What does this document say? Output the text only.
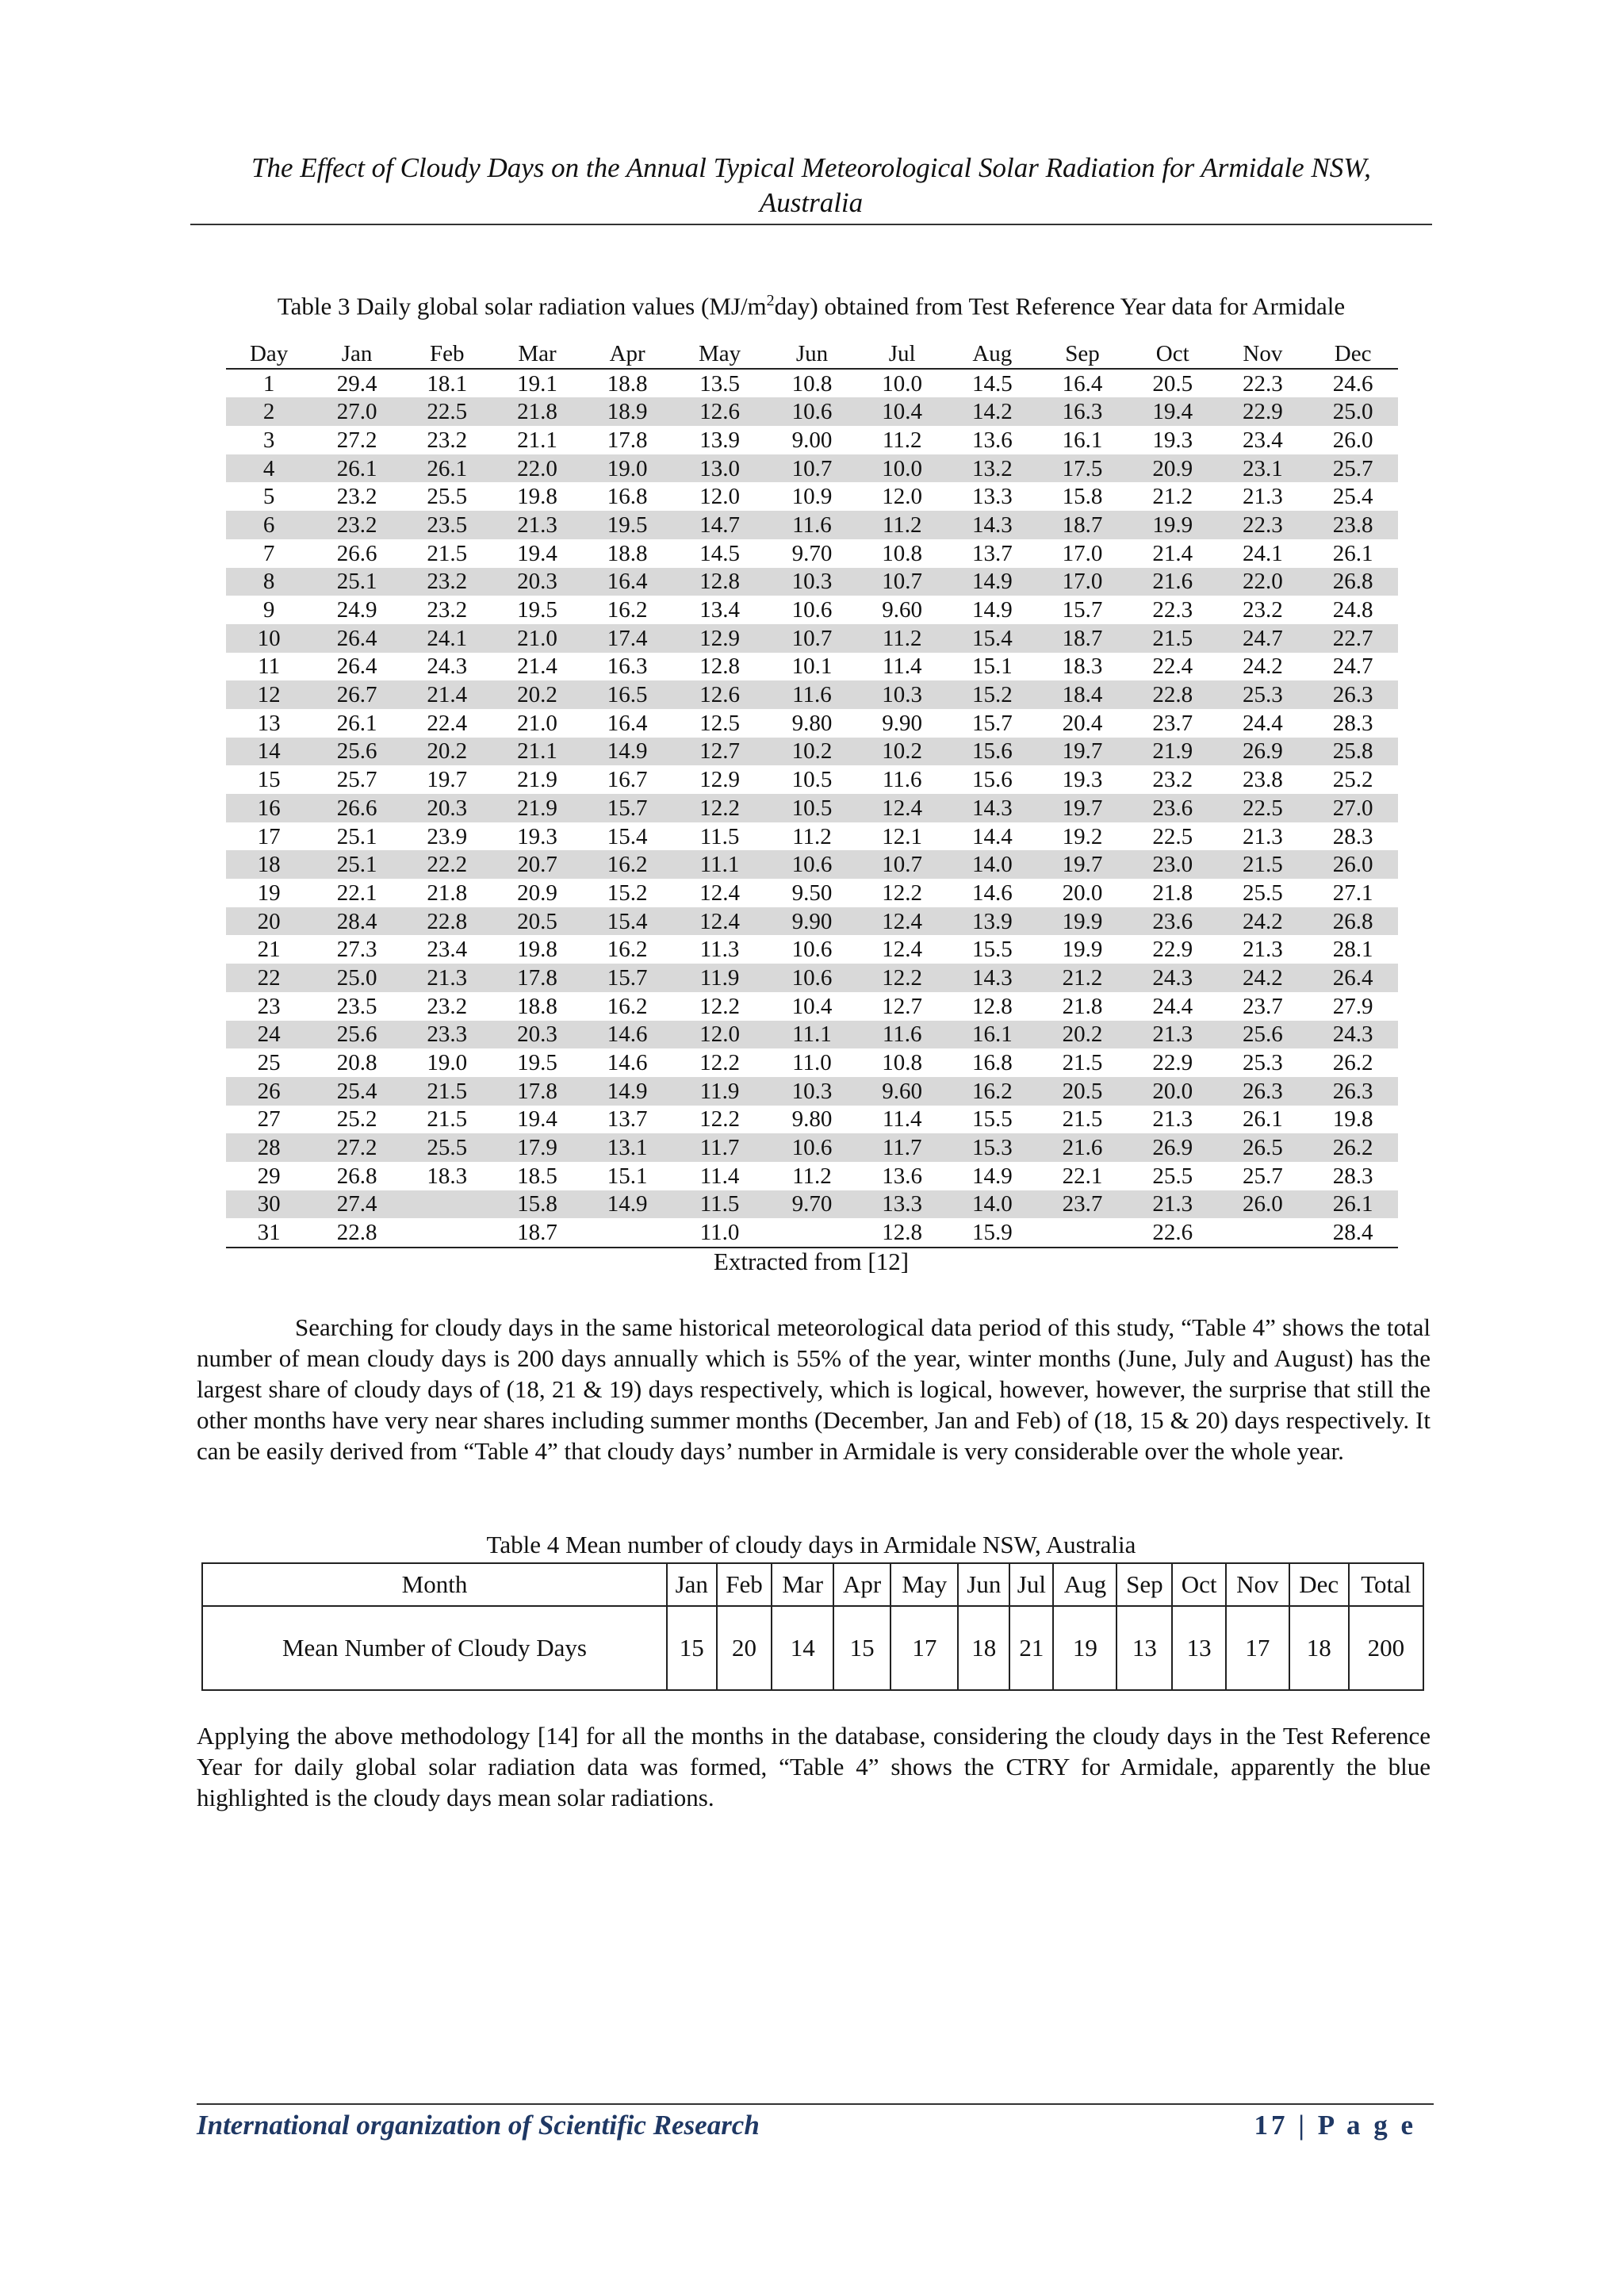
The Effect of Cloudy Days on the Annual Typical Meteorological Solar Radiation for Armidale NSW,
Australia
Table 3 Daily global solar radiation values $(MJ/m^2day)$ obtained from Test Reference Year data for Armidale
Day	Jan	Feb	Mar	Apr	May	Jun	Jul	Aug	Sep	Oct	Nov	Dec
1	29.4	18.1	19.1	18.8	13.5	10.8	10.0	14.5	16.4	20.5	22.3	24.6
2	27.0	22.5	21.8	18.9	12.6	10.6	10.4	14.2	16.3	19.4	22.9	25.0
3	27.2	23.2	21.1	17.8	13.9	9.00	11.2	13.6	16.1	19.3	23.4	26.0
4	26.1	26.1	22.0	19.0	13.0	10.7	10.0	13.2	17.5	20.9	23.1	25.7
5	23.2	25.5	19.8	16.8	12.0	10.9	12.0	13.3	15.8	21.2	21.3	25.4
6	23.2	23.5	21.3	19.5	14.7	11.6	11.2	14.3	18.7	19.9	22.3	23.8
7	26.6	21.5	19.4	18.8	14.5	9.70	10.8	13.7	17.0	21.4	24.1	26.1
8	25.1	23.2	20.3	16.4	12.8	10.3	10.7	14.9	17.0	21.6	22.0	26.8
9	24.9	23.2	19.5	16.2	13.4	10.6	9.60	14.9	15.7	22.3	23.2	24.8
10	26.4	24.1	21.0	17.4	12.9	10.7	11.2	15.4	18.7	21.5	24.7	22.7
11	26.4	24.3	21.4	16.3	12.8	10.1	11.4	15.1	18.3	22.4	24.2	24.7
12	26.7	21.4	20.2	16.5	12.6	11.6	10.3	15.2	18.4	22.8	25.3	26.3
13	26.1	22.4	21.0	16.4	12.5	9.80	9.90	15.7	20.4	23.7	24.4	28.3
14	25.6	20.2	21.1	14.9	12.7	10.2	10.2	15.6	19.7	21.9	26.9	25.8
15	25.7	19.7	21.9	16.7	12.9	10.5	11.6	15.6	19.3	23.2	23.8	25.2
16	26.6	20.3	21.9	15.7	12.2	10.5	12.4	14.3	19.7	23.6	22.5	27.0
17	25.1	23.9	19.3	15.4	11.5	11.2	12.1	14.4	19.2	22.5	21.3	28.3
18	25.1	22.2	20.7	16.2	11.1	10.6	10.7	14.0	19.7	23.0	21.5	26.0
19	22.1	21.8	20.9	15.2	12.4	9.50	12.2	14.6	20.0	21.8	25.5	27.1
20	28.4	22.8	20.5	15.4	12.4	9.90	12.4	13.9	19.9	23.6	24.2	26.8
21	27.3	23.4	19.8	16.2	11.3	10.6	12.4	15.5	19.9	22.9	21.3	28.1
22	25.0	21.3	17.8	15.7	11.9	10.6	12.2	14.3	21.2	24.3	24.2	26.4
23	23.5	23.2	18.8	16.2	12.2	10.4	12.7	12.8	21.8	24.4	23.7	27.9
24	25.6	23.3	20.3	14.6	12.0	11.1	11.6	16.1	20.2	21.3	25.6	24.3
25	20.8	19.0	19.5	14.6	12.2	11.0	10.8	16.8	21.5	22.9	25.3	26.2
26	25.4	21.5	17.8	14.9	11.9	10.3	9.60	16.2	20.5	20.0	26.3	26.3
27	25.2	21.5	19.4	13.7	12.2	9.80	11.4	15.5	21.5	21.3	26.1	19.8
28	27.2	25.5	17.9	13.1	11.7	10.6	11.7	15.3	21.6	26.9	26.5	26.2
29	26.8	18.3	18.5	15.1	11.4	11.2	13.6	14.9	22.1	25.5	25.7	28.3
30	27.4		15.8	14.9	11.5	9.70	13.3	14.0	23.7	21.3	26.0	26.1
31	22.8		18.7		11.0		12.8	15.9		22.6		28.4
Extracted from [12]

Searching for cloudy days in the same historical meteorological data period of this study, “Table 4” shows the total number of mean cloudy days is 200 days annually which is 55% of the year, winter months (June, July and August) has the largest share of cloudy days of (18, 21 & 19) days respectively, which is logical, however, however, the surprise that still the other months have very near shares including summer months (December, Jan and Feb) of (18, 15 & 20) days respectively. It can be easily derived from “Table 4” that cloudy days’ number in Armidale is very considerable over the whole year.

Table 4 Mean number of cloudy days in Armidale NSW, Australia
Month	Jan	Feb	Mar	Apr	May	Jun	Jul	Aug	Sep	Oct	Nov	Dec	Total
Mean Number of Cloudy Days	15	20	14	15	17	18	21	19	13	13	17	18	200

Applying the above methodology [14] for all the months in the database, considering the cloudy days in the Test Reference Year for daily global solar radiation data was formed, “Table 4” shows the CTRY for Armidale, apparently the blue highlighted is the cloudy days mean solar radiations.

International organization of Scientific Research	17 | P a g e
